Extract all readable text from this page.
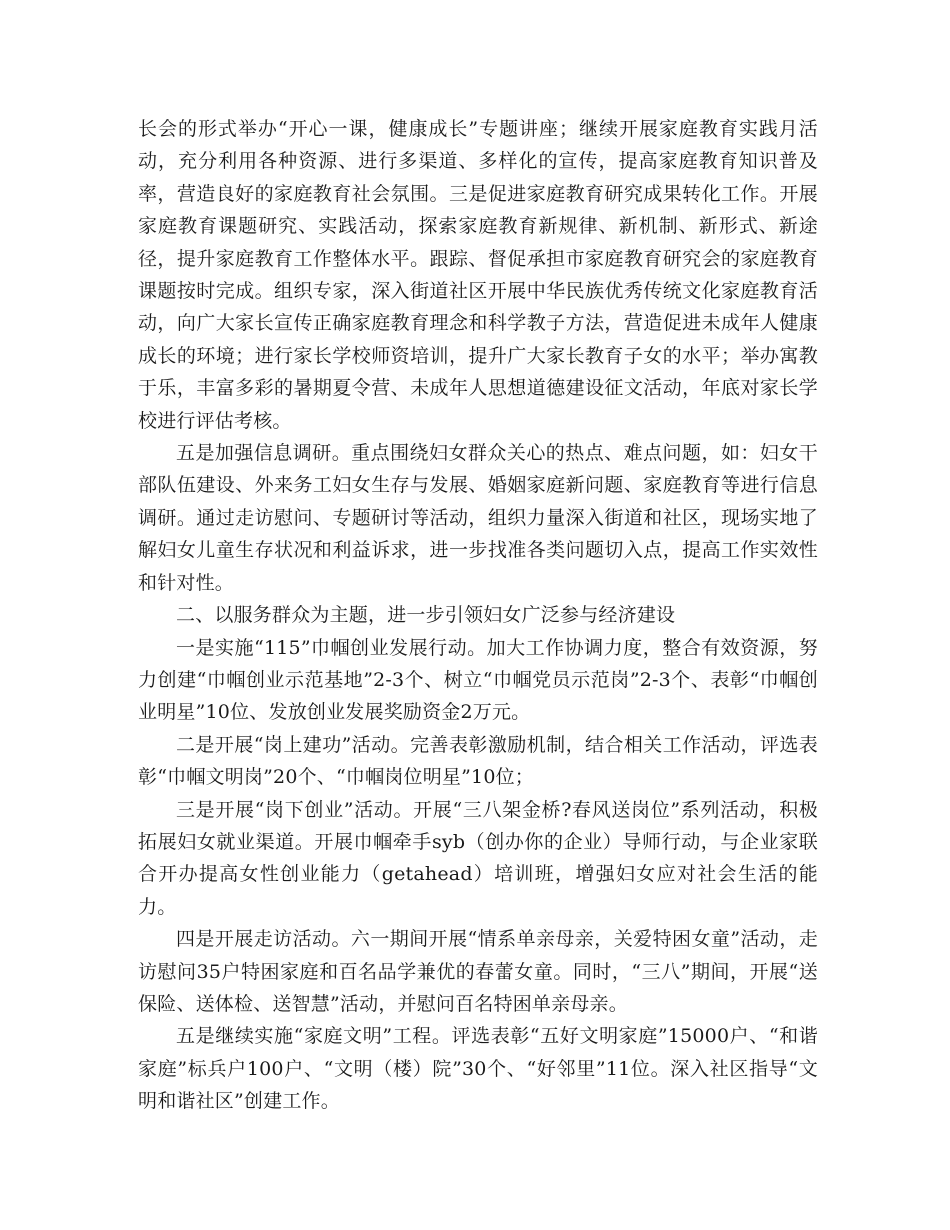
长会的形式举办“开心一课，健康成长”专题讲座；继续开展家庭教育实践月活动，充分利用各种资源、进行多渠道、多样化的宣传，提高家庭教育知识普及率，营造良好的家庭教育社会氛围。三是促进家庭教育研究成果转化工作。开展家庭教育课题研究、实践活动，探索家庭教育新规律、新机制、新形式、新途径，提升家庭教育工作整体水平。跟踪、督促承担市家庭教育研究会的家庭教育课题按时完成。组织专家，深入街道社区开展中华民族优秀传统文化家庭教育活动，向广大家长宣传正确家庭教育理念和科学教子方法，营造促进未成年人健康成长的环境；进行家长学校师资培训，提升广大家长教育子女的水平；举办寓教于乐，丰富多彩的暑期夏令营、未成年人思想道德建设征文活动，年底对家长学校进行评估考核。

五是加强信息调研。重点围绕妇女群众关心的热点、难点问题，如：妇女干部队伍建设、外来务工妇女生存与发展、婚姻家庭新问题、家庭教育等进行信息调研。通过走访慰问、专题研讨等活动，组织力量深入街道和社区，现场实地了解妇女儿童生存状况和利益诉求，进一步找准各类问题切入点，提高工作实效性和针对性。

二、以服务群众为主题，进一步引领妇女广泛参与经济建设

一是实施“115”巾帼创业发展行动。加大工作协调力度，整合有效资源，努力创建“巾帼创业示范基地”2-3个、树立“巾帼党员示范岗”2-3个、表彰“巾帼创业明星”10位、发放创业发展奖励资金2万元。

二是开展“岗上建功”活动。完善表彰激励机制，结合相关工作活动，评选表彰“巾帼文明岗”20个、“巾帼岗位明星”10位；

三是开展“岗下创业”活动。开展“三八架金桥?春风送岗位”系列活动，积极拓展妇女就业渠道。开展巾帼牵手syb（创办你的企业）导师行动，与企业家联合开办提高女性创业能力（getahead）培训班，增强妇女应对社会生活的能力。

四是开展走访活动。六一期间开展“情系单亲母亲，关爱特困女童”活动，走访慰问35户特困家庭和百名品学兼优的春蕾女童。同时，“三八”期间，开展“送保险、送体检、送智慧”活动，并慰问百名特困单亲母亲。

五是继续实施“家庭文明”工程。评选表彰“五好文明家庭”15000户、“和谐家庭”标兵户100户、“文明（楼）院”30个、“好邻里”11位。深入社区指导“文明和谐社区”创建工作。
